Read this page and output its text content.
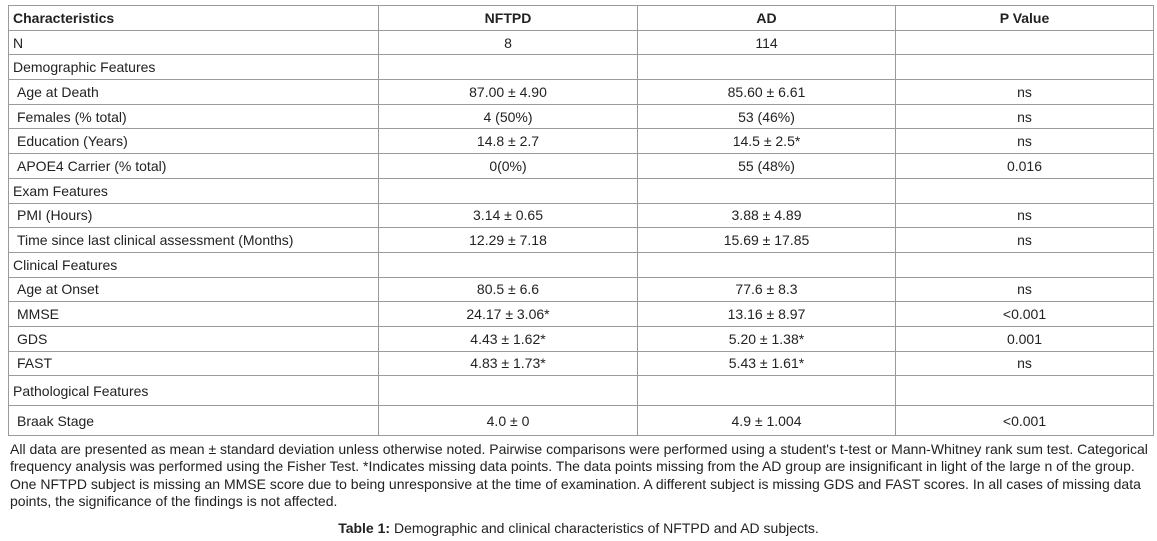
Characteristics	NFTPD	AD	P Value
N	8	114	
Demographic Features			
Age at Death	87.00 ± 4.90	85.60 ± 6.61	ns
Females (% total)	4 (50%)	53 (46%)	ns
Education (Years)	14.8 ± 2.7	14.5 ± 2.5*	ns
APOE4 Carrier (% total)	0(0%)	55 (48%)	0.016
Exam Features			
PMI (Hours)	3.14 ± 0.65	3.88 ± 4.89	ns
Time since last clinical assessment (Months)	12.29 ± 7.18	15.69 ± 17.85	ns
Clinical Features			
Age at Onset	80.5 ± 6.6	77.6 ± 8.3	ns
MMSE	24.17 ± 3.06*	13.16 ± 8.97	<0.001
GDS	4.43 ± 1.62*	5.20 ± 1.38*	0.001
FAST	4.83 ± 1.73*	5.43 ± 1.61*	ns
Pathological Features			
Braak Stage	4.0 ± 0	4.9 ± 1.004	<0.001
All data are presented as mean ± standard deviation unless otherwise noted. Pairwise comparisons were performed using a student's t-test or Mann-Whitney rank sum test. Categorical frequency analysis was performed using the Fisher Test. *Indicates missing data points. The data points missing from the AD group are insignificant in light of the large n of the group. One NFTPD subject is missing an MMSE score due to being unresponsive at the time of examination. A different subject is missing GDS and FAST scores. In all cases of missing data points, the significance of the findings is not affected.
Table 1: Demographic and clinical characteristics of NFTPD and AD subjects.
